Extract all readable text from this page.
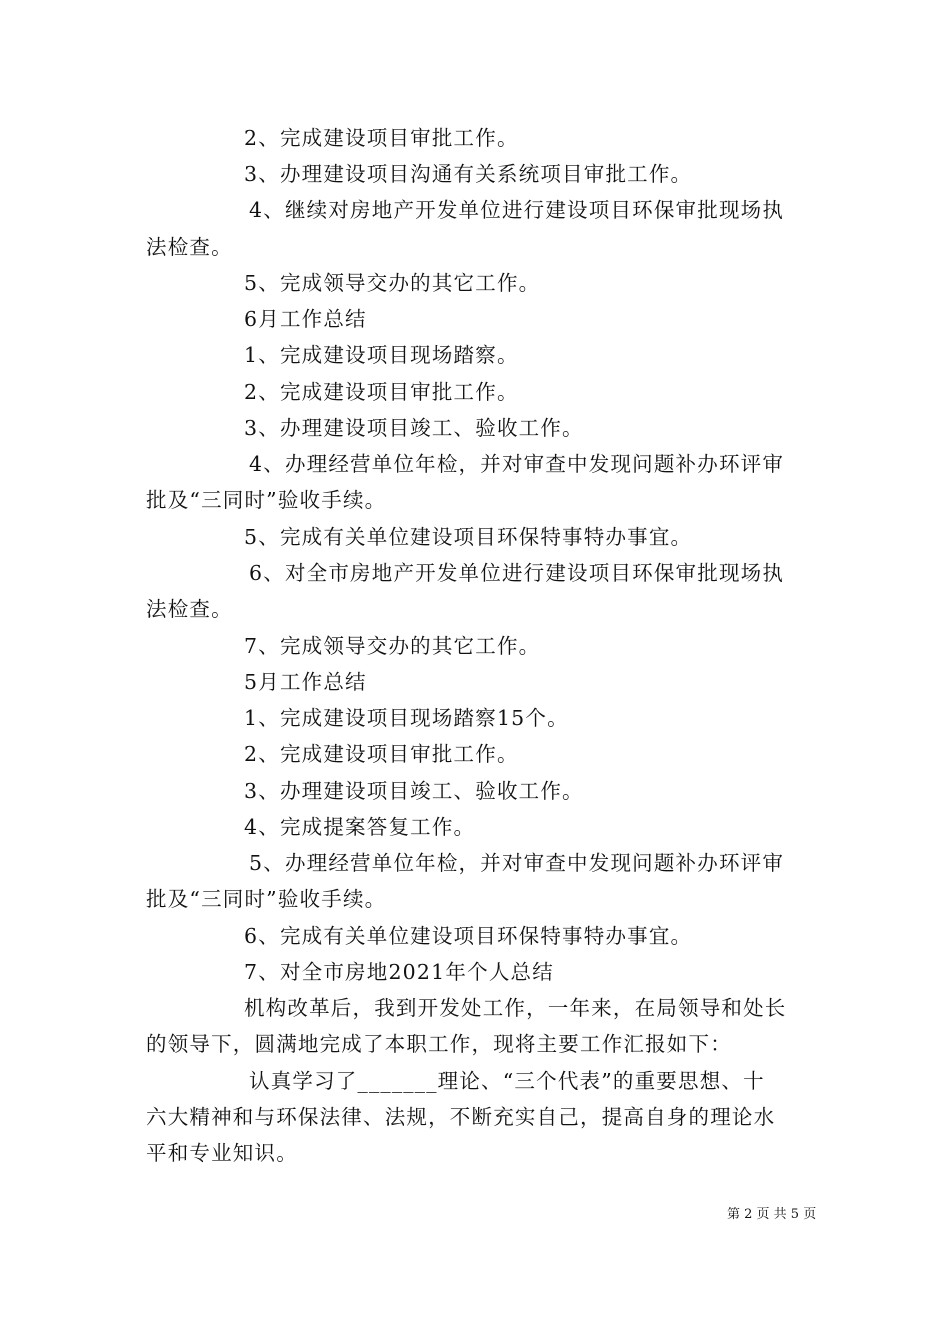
2、完成建设项目审批工作。
3、办理建设项目沟通有关系统项目审批工作。
4、继续对房地产开发单位进行建设项目环保审批现场执
法检查。
5、完成领导交办的其它工作。
6月工作总结
1、完成建设项目现场踏察。
2、完成建设项目审批工作。
3、办理建设项目竣工、验收工作。
4、办理经营单位年检，并对审查中发现问题补办环评审
批及“三同时”验收手续。
5、完成有关单位建设项目环保特事特办事宜。
6、对全市房地产开发单位进行建设项目环保审批现场执
法检查。
7、完成领导交办的其它工作。
5月工作总结
1、完成建设项目现场踏察15个。
2、完成建设项目审批工作。
3、办理建设项目竣工、验收工作。
4、完成提案答复工作。
5、办理经营单位年检，并对审查中发现问题补办环评审
批及“三同时”验收手续。
6、完成有关单位建设项目环保特事特办事宜。
7、对全市房地2021年个人总结
机构改革后，我到开发处工作，一年来，在局领导和处长
的领导下，圆满地完成了本职工作，现将主要工作汇报如下：
认真学习了_______理论、“三个代表”的重要思想、十
六大精神和与环保法律、法规，不断充实自己，提高自身的理论水
平和专业知识。
第 2 页 共 5 页
